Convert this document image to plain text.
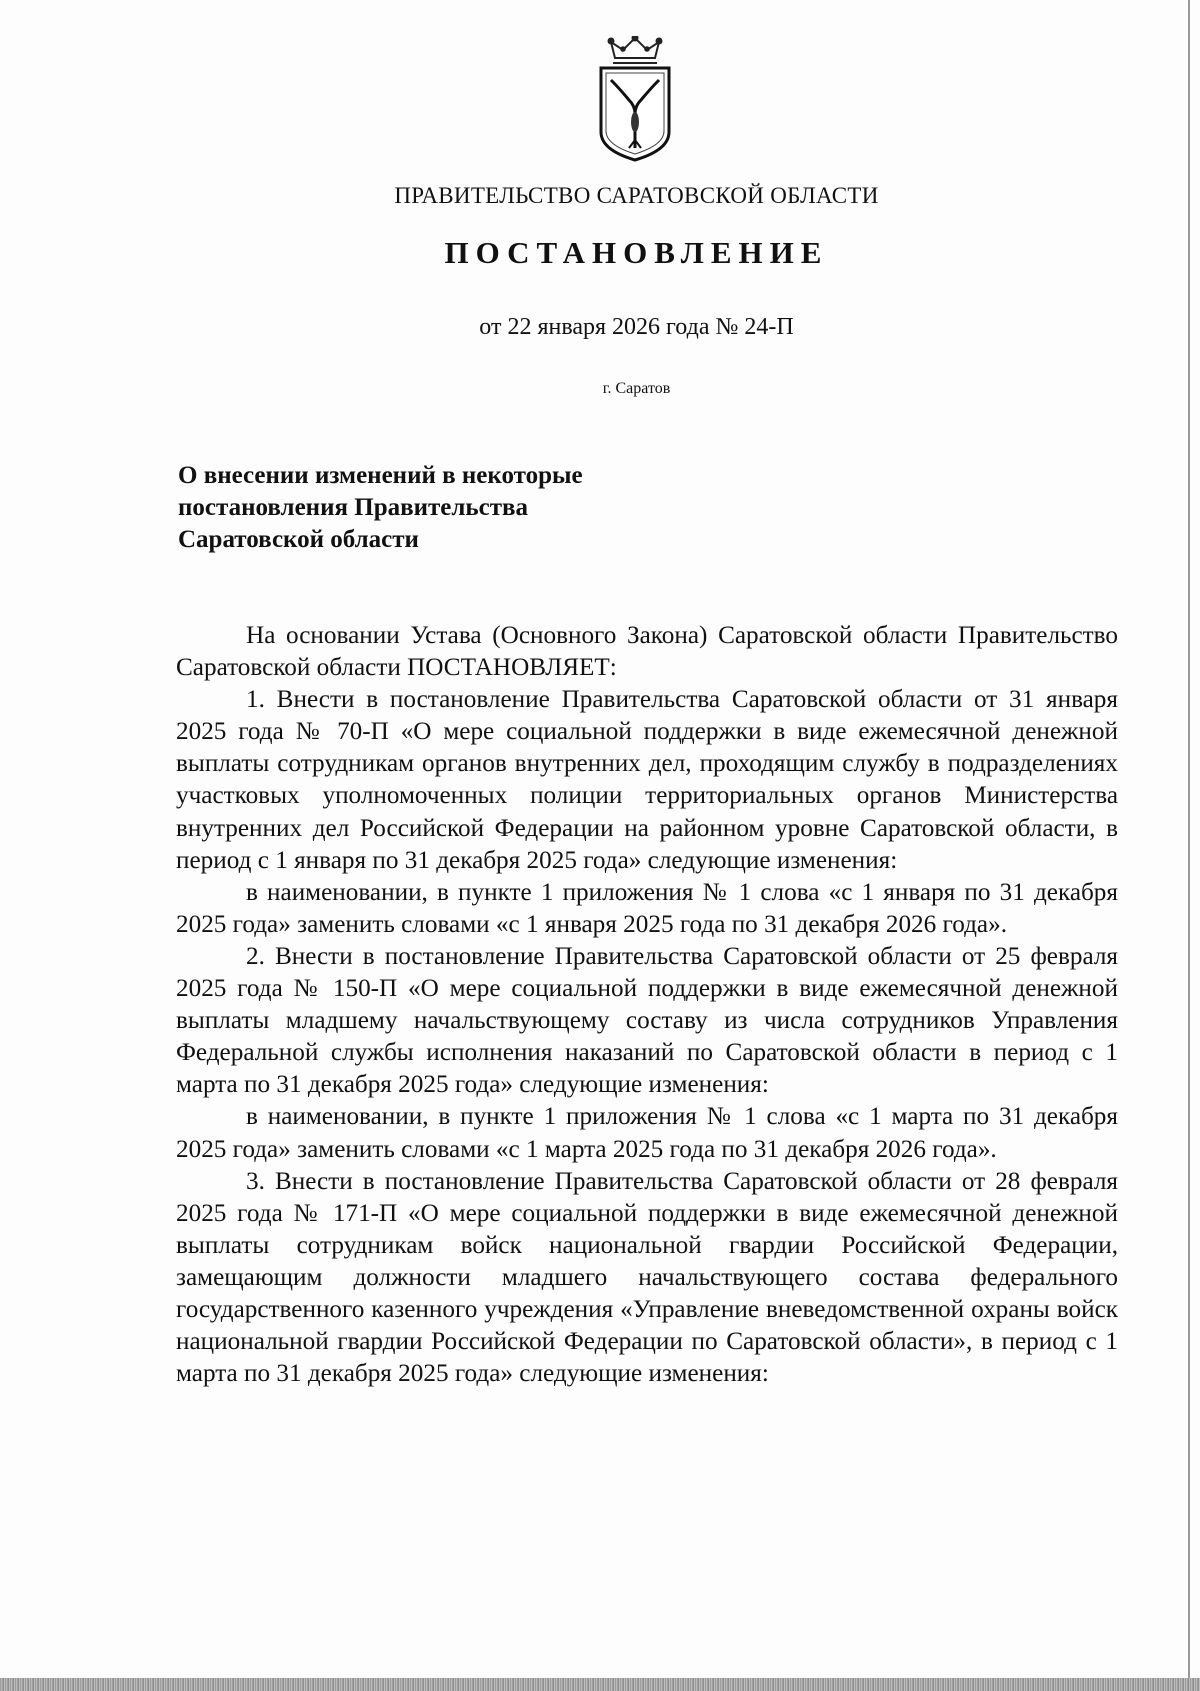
ПРАВИТЕЛЬСТВО САРАТОВСКОЙ ОБЛАСТИ
ПОСТАНОВЛЕНИЕ
от 22 января 2026 года № 24-П
г. Саратов
О внесении изменений в некоторые
постановления Правительства
Саратовской области

На основании Устава (Основного Закона) Саратовской области Правительство Саратовской области ПОСТАНОВЛЯЕТ:

1. Внести в постановление Правительства Саратовской области от 31 января 2025 года № 70-П «О мере социальной поддержки в виде ежемесячной денежной выплаты сотрудникам органов внутренних дел, проходящим службу в подразделениях участковых уполномоченных полиции территориальных органов Министерства внутренних дел Российской Федерации на районном уровне Саратовской области, в период с 1 января по 31 декабря 2025 года» следующие изменения:

в наименовании, в пункте 1 приложения № 1 слова «с 1 января по 31 декабря 2025 года» заменить словами «с 1 января 2025 года по 31 декабря 2026 года».

2. Внести в постановление Правительства Саратовской области от 25 февраля 2025 года № 150-П «О мере социальной поддержки в виде ежемесячной денежной выплаты младшему начальствующему составу из числа сотрудников Управления Федеральной службы исполнения наказаний по Саратовской области в период с 1 марта по 31 декабря 2025 года» следующие изменения:

в наименовании, в пункте 1 приложения № 1 слова «с 1 марта по 31 декабря 2025 года» заменить словами «с 1 марта 2025 года по 31 декабря 2026 года».

3. Внести в постановление Правительства Саратовской области от 28 февраля 2025 года № 171-П «О мере социальной поддержки в виде ежемесячной денежной выплаты сотрудникам войск национальной гвардии Российской Федерации, замещающим должности младшего начальствующего состава федерального государственного казенного учреждения «Управление вневедомственной охраны войск национальной гвардии Российской Федерации по Саратовской области», в период с 1 марта по 31 декабря 2025 года» следующие изменения:
